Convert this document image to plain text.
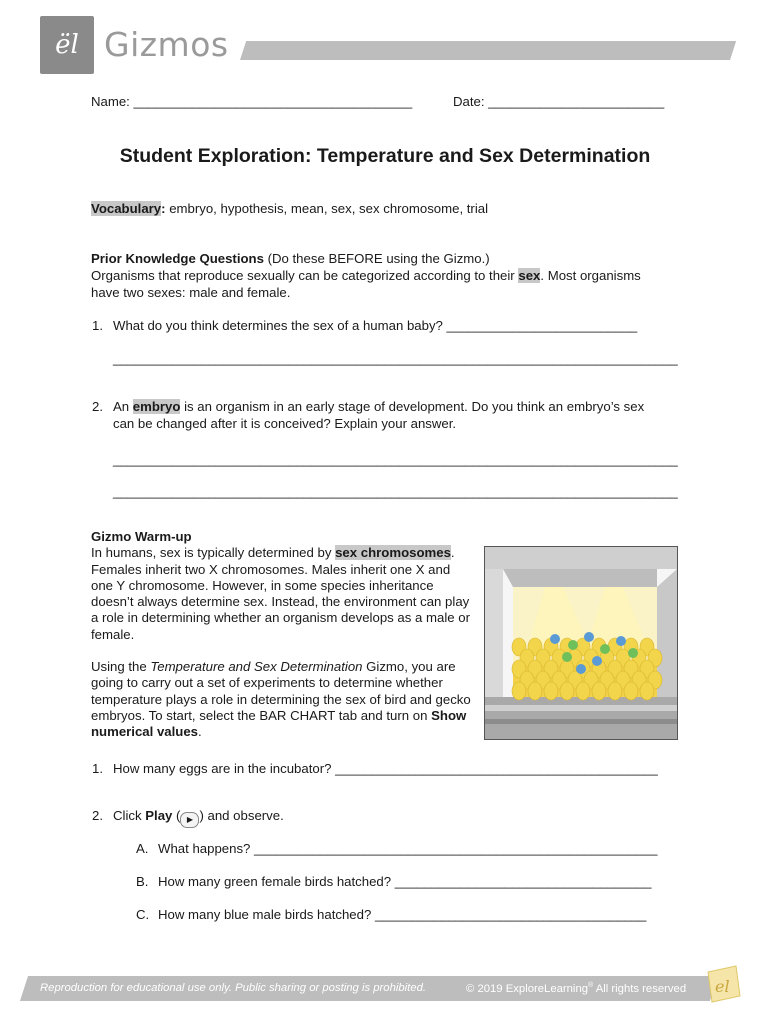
ël Gizmos
Name: ______________________________________	Date: ________________________
Student Exploration: Temperature and Sex Determination
Vocabulary: embryo, hypothesis, mean, sex, sex chromosome, trial
Prior Knowledge Questions (Do these BEFORE using the Gizmo.)
Organisms that reproduce sexually can be categorized according to their sex. Most organisms
have two sexes: male and female.
1. What do you think determines the sex of a human baby? __________________________
_____________________________________________________________________________
2. An embryo is an organism in an early stage of development. Do you think an embryo’s sex
can be changed after it is conceived? Explain your answer.
_____________________________________________________________________________
_____________________________________________________________________________
Gizmo Warm-up

In humans, sex is typically determined by sex chromosomes. Females inherit two X chromosomes. Males inherit one X and one Y chromosome. However, in some species inheritance doesn’t always determine sex. Instead, the environment can play a role in determining whether an organism develops as a male or female.

Using the Temperature and Sex Determination Gizmo, you are going to carry out a set of experiments to determine whether temperature plays a role in determining the sex of bird and gecko embryos. To start, select the BAR CHART tab and turn on Show numerical values.

1. How many eggs are in the incubator? ____________________________________________
2. Click Play ( ▶ ) and observe.
A. What happens? _______________________________________________________
B. How many green female birds hatched? ___________________________________
C. How many blue male birds hatched? _____________________________________
Reproduction for educational use only. Public sharing or posting is prohibited.	© 2019 ExploreLearning® All rights reserved el
